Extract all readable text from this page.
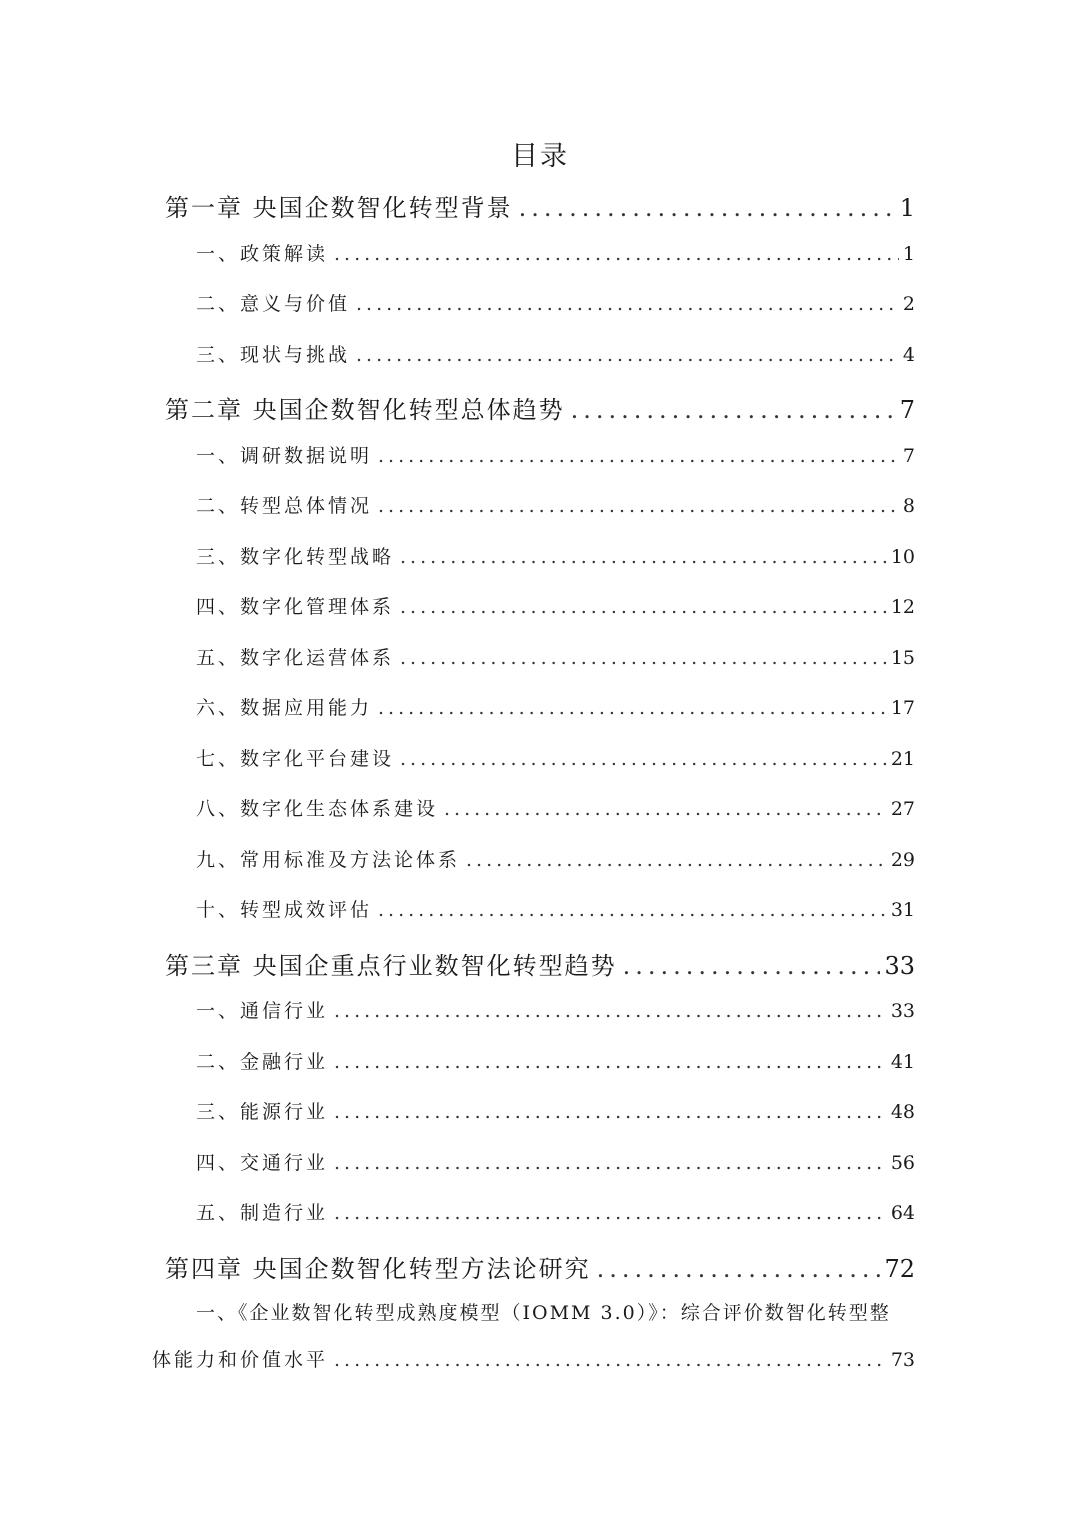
目录
第一章 央国企数智化转型背景 .....	1
一、政策解读 .....	1
二、意义与价值 .....	2
三、现状与挑战 .....	4
第二章 央国企数智化转型总体趋势 .....	7
一、调研数据说明 .....	7
二、转型总体情况 .....	8
三、数字化转型战略 .....	10
四、数字化管理体系 .....	12
五、数字化运营体系 .....	15
六、数据应用能力 .....	17
七、数字化平台建设 .....	21
八、数字化生态体系建设 .....	27
九、常用标准及方法论体系 .....	29
十、转型成效评估 .....	31
第三章 央国企重点行业数智化转型趋势 .....	33
一、通信行业 .....	33
二、金融行业 .....	41
三、能源行业 .....	48
四、交通行业 .....	56
五、制造行业 .....	64
第四章 央国企数智化转型方法论研究 .....	72
一、《企业数智化转型成熟度模型（IOMM 3.0）》：综合评价数智化转型整
体能力和价值水平 .....	73
